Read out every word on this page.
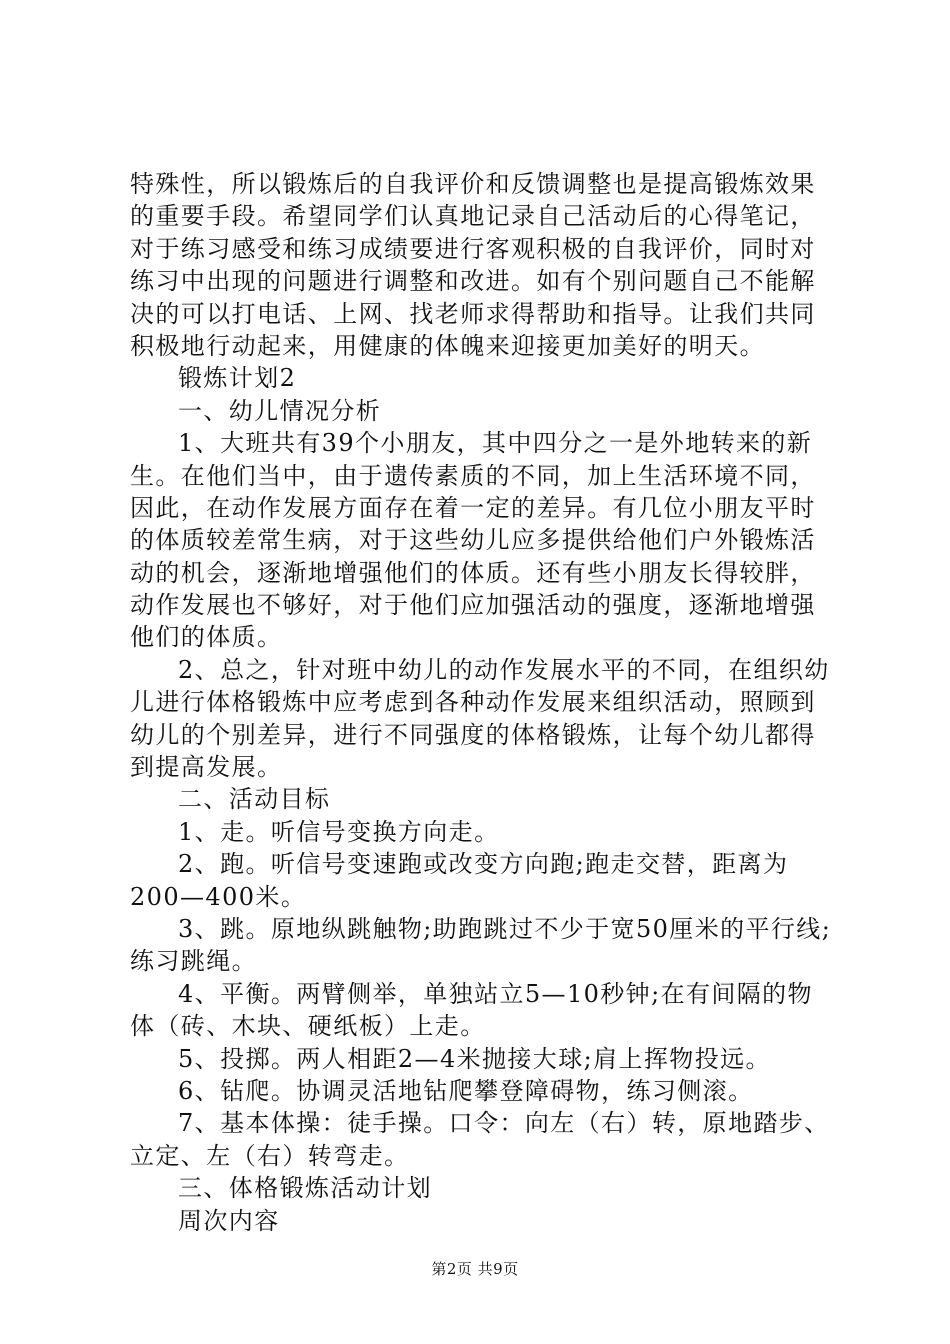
特殊性，所以锻炼后的自我评价和反馈调整也是提高锻炼效果
的重要手段。希望同学们认真地记录自己活动后的心得笔记，
对于练习感受和练习成绩要进行客观积极的自我评价，同时对
练习中出现的问题进行调整和改进。如有个别问题自己不能解
决的可以打电话、上网、找老师求得帮助和指导。让我们共同
积极地行动起来，用健康的体魄来迎接更加美好的明天。
锻炼计划2
一、幼儿情况分析
1、大班共有39个小朋友，其中四分之一是外地转来的新
生。在他们当中，由于遗传素质的不同，加上生活环境不同，
因此，在动作发展方面存在着一定的差异。有几位小朋友平时
的体质较差常生病，对于这些幼儿应多提供给他们户外锻炼活
动的机会，逐渐地增强他们的体质。还有些小朋友长得较胖，
动作发展也不够好，对于他们应加强活动的强度，逐渐地增强
他们的体质。
2、总之，针对班中幼儿的动作发展水平的不同，在组织幼
儿进行体格锻炼中应考虑到各种动作发展来组织活动，照顾到
幼儿的个别差异，进行不同强度的体格锻炼，让每个幼儿都得
到提高发展。
二、活动目标
1、走。听信号变换方向走。
2、跑。听信号变速跑或改变方向跑;跑走交替，距离为
200—400米。
3、跳。原地纵跳触物;助跑跳过不少于宽50厘米的平行线;
练习跳绳。
4、平衡。两臂侧举，单独站立5—10秒钟;在有间隔的物
体（砖、木块、硬纸板）上走。
5、投掷。两人相距2—4米抛接大球;肩上挥物投远。
6、钻爬。协调灵活地钻爬攀登障碍物，练习侧滚。
7、基本体操：徒手操。口令：向左（右）转，原地踏步、
立定、左（右）转弯走。
三、体格锻炼活动计划
周次内容
第2页 共9页
